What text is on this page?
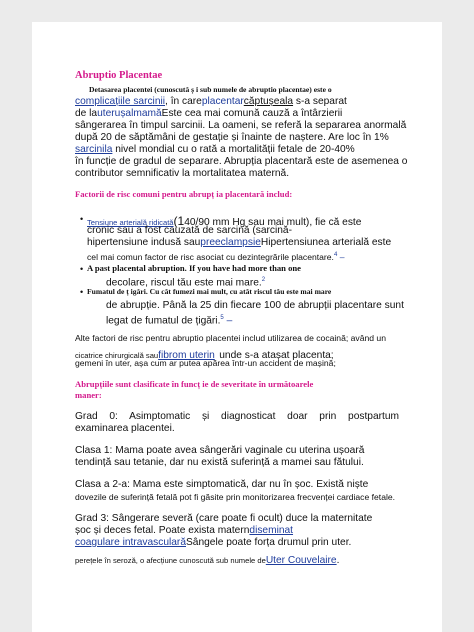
Abruptio Placentae
Detasarea placentei (cunoscută ș i sub numele de abruptio placentae) este o
complicațiile sarcinii, în careplacentarcăptușeala s-a separat
de lauterușalmamăEste cea mai comună cauză a întârzierii
sângerarea în timpul sarcinii. La oameni, se referă la separarea anormală
după 20 de săptămâni de gestație și înainte de naștere. Are loc în 1%
sarcinila nivel mondial cu o rată a mortalității fetale de 20-40%
în funcție de gradul de separare. Abrupția placentară este de asemenea o
contributor semnificativ la mortalitatea maternă.
Factorii de risc comuni pentru abrupț ia placentară includ:
• Tensiune arterială ridicată(140/90 mm Hg sau mai mult), fie că este
cronic sau a fost cauzată de sarcină (sarcină-
hipertensiune indusă saupreeclampsieHipertensiunea arterială este
cel mai comun factor de risc asociat cu dezintegrările placentare.$^4$ –
• A past placental abruption. If you have had more than one
decolare, riscul tău este mai mare.$^2$
• Fumatul de ț igări. Cu cât fumezi mai mult, cu atât riscul tău este mai mare
de abrupție. Până la 25 din fiecare 100 de abrupții placentare sunt
legat de fumatul de țigări.$^5$ –
Alte factori de risc pentru abruptio placentei includ utilizarea de cocaină; având un
cicatrice chirurgicală saufibrom uterin unde s-a atașat placenta;
gemeni în uter, așa cum ar putea apărea într-un accident de mașină;
Abrupțiile sunt clasificate în funcț ie de severitate în următoarele
maner:
Grad 0: Asimptomatic și diagnosticat doar prin postpartum
examinarea placentei.
Clasa 1: Mama poate avea sângerări vaginale cu uterina ușoară
tendință sau tetanie, dar nu există suferință a mamei sau fătului.
Clasa a 2-a: Mama este simptomatică, dar nu în șoc. Există niște
dovezile de suferință fetală pot fi găsite prin monitorizarea frecvenței cardiace fetale.
Grad 3: Sângerare severă (care poate fi ocult) duce la maternitate
șoc și deces fetal. Poate exista materndiseminat
coagulare intravascularăSângele poate forța drumul prin uter.
perețele în seroză, o afecțiune cunoscută sub numele deUter Couvelaire.
